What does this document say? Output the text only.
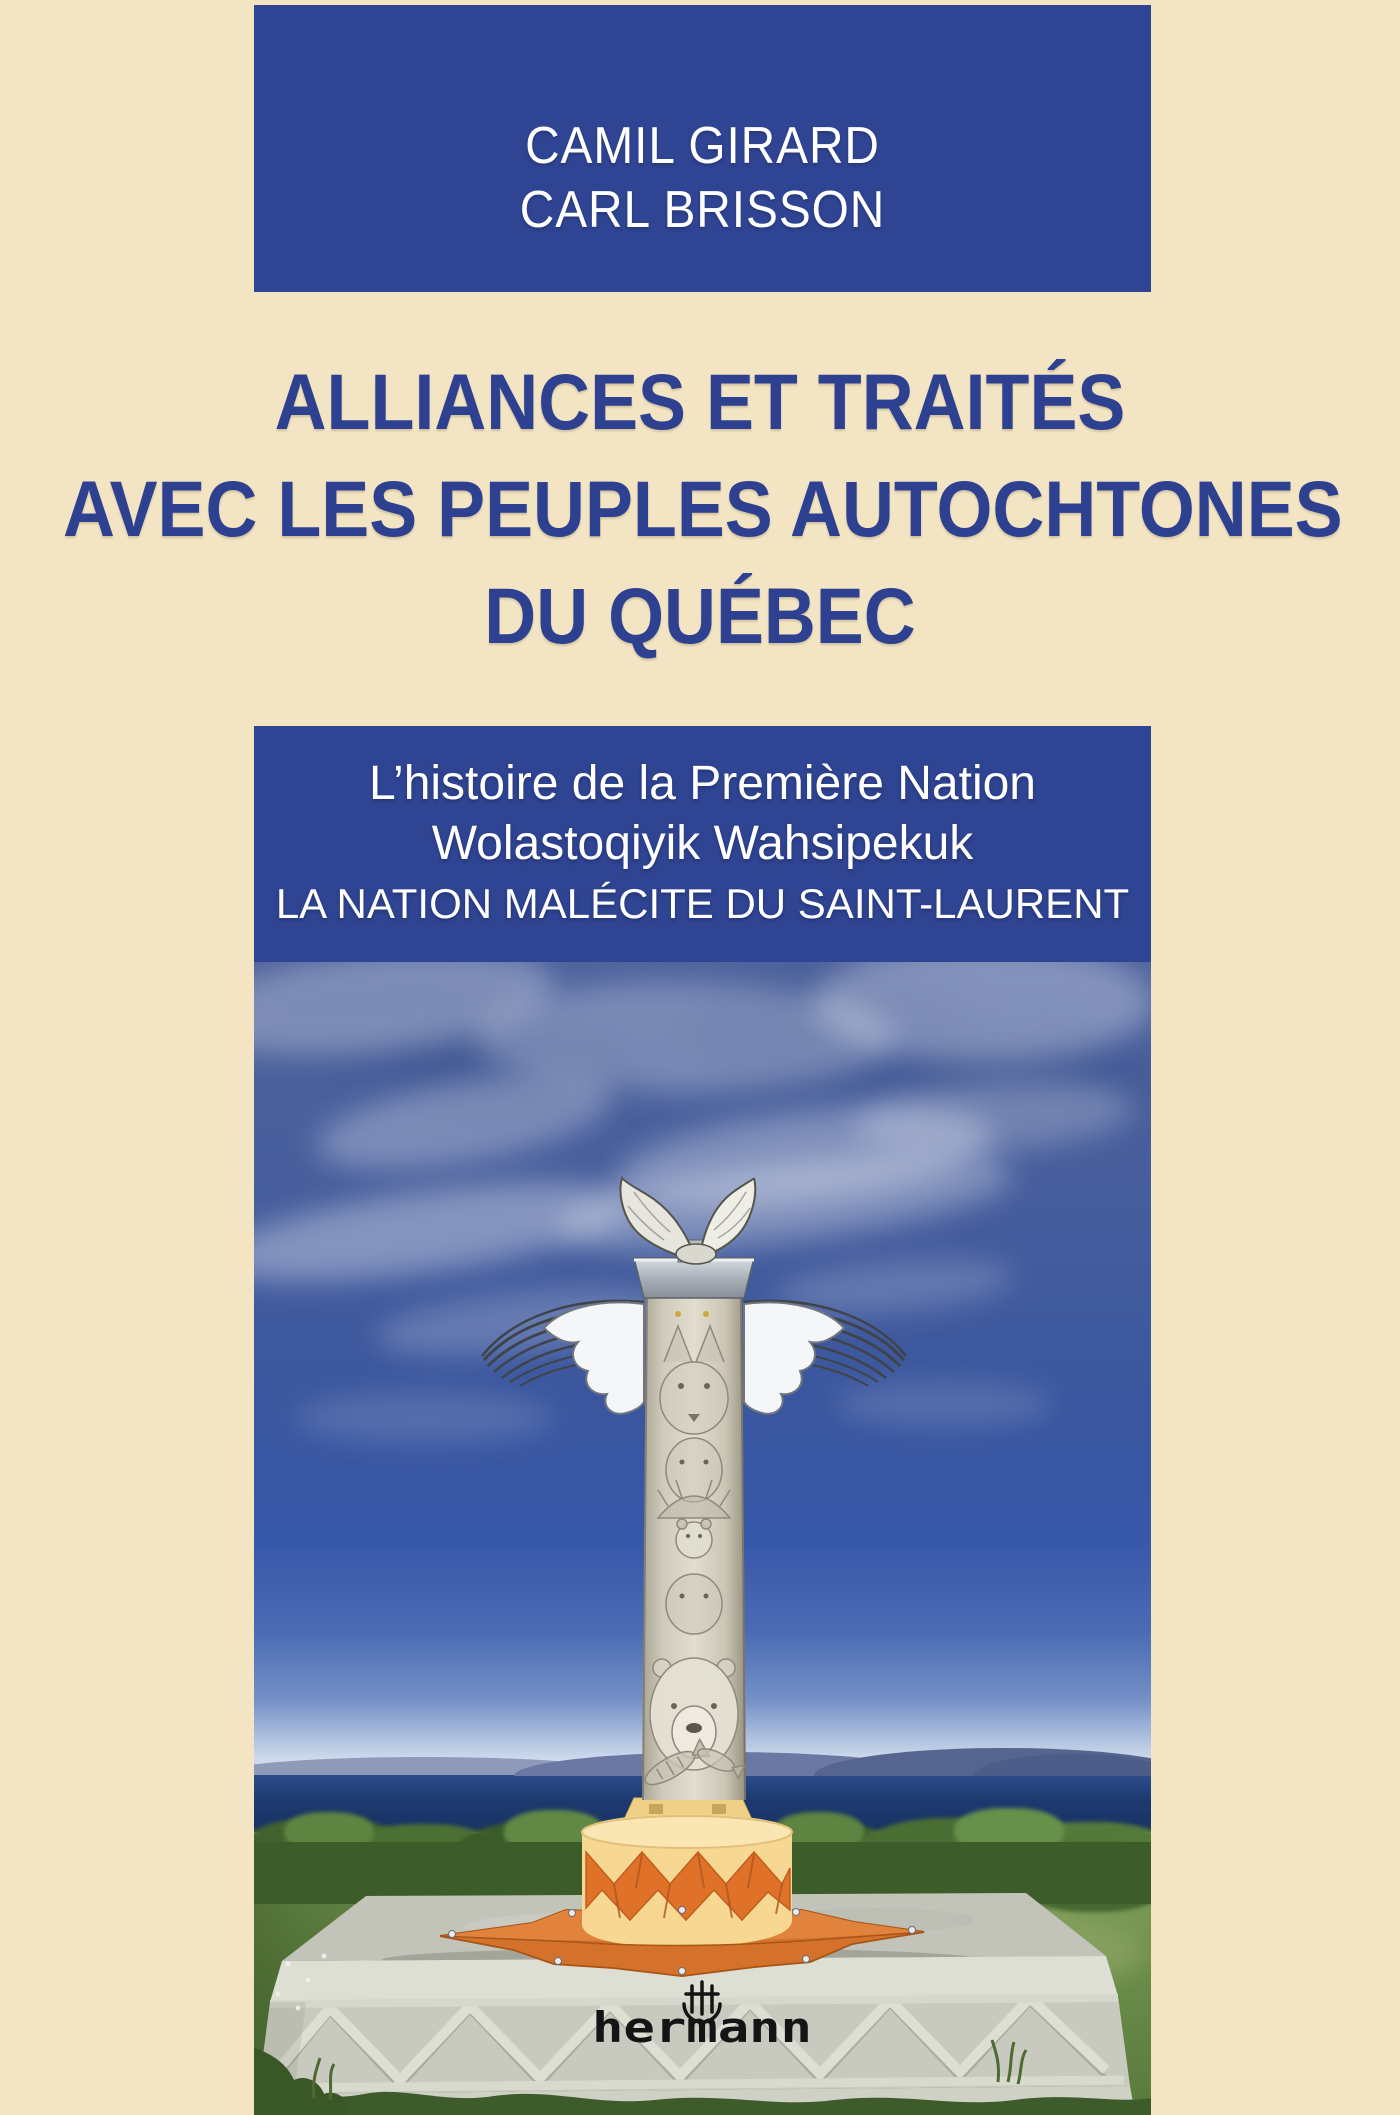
CAMIL GIRARD
CARL BRISSON
ALLIANCES ET TRAITÉS
AVEC LES PEUPLES AUTOCHTONES
DU QUÉBEC
L’histoire de la Première Nation
Wolastoqiyik Wahsipekuk
LA NATION MALÉCITE DU SAINT-LAURENT
hermann
